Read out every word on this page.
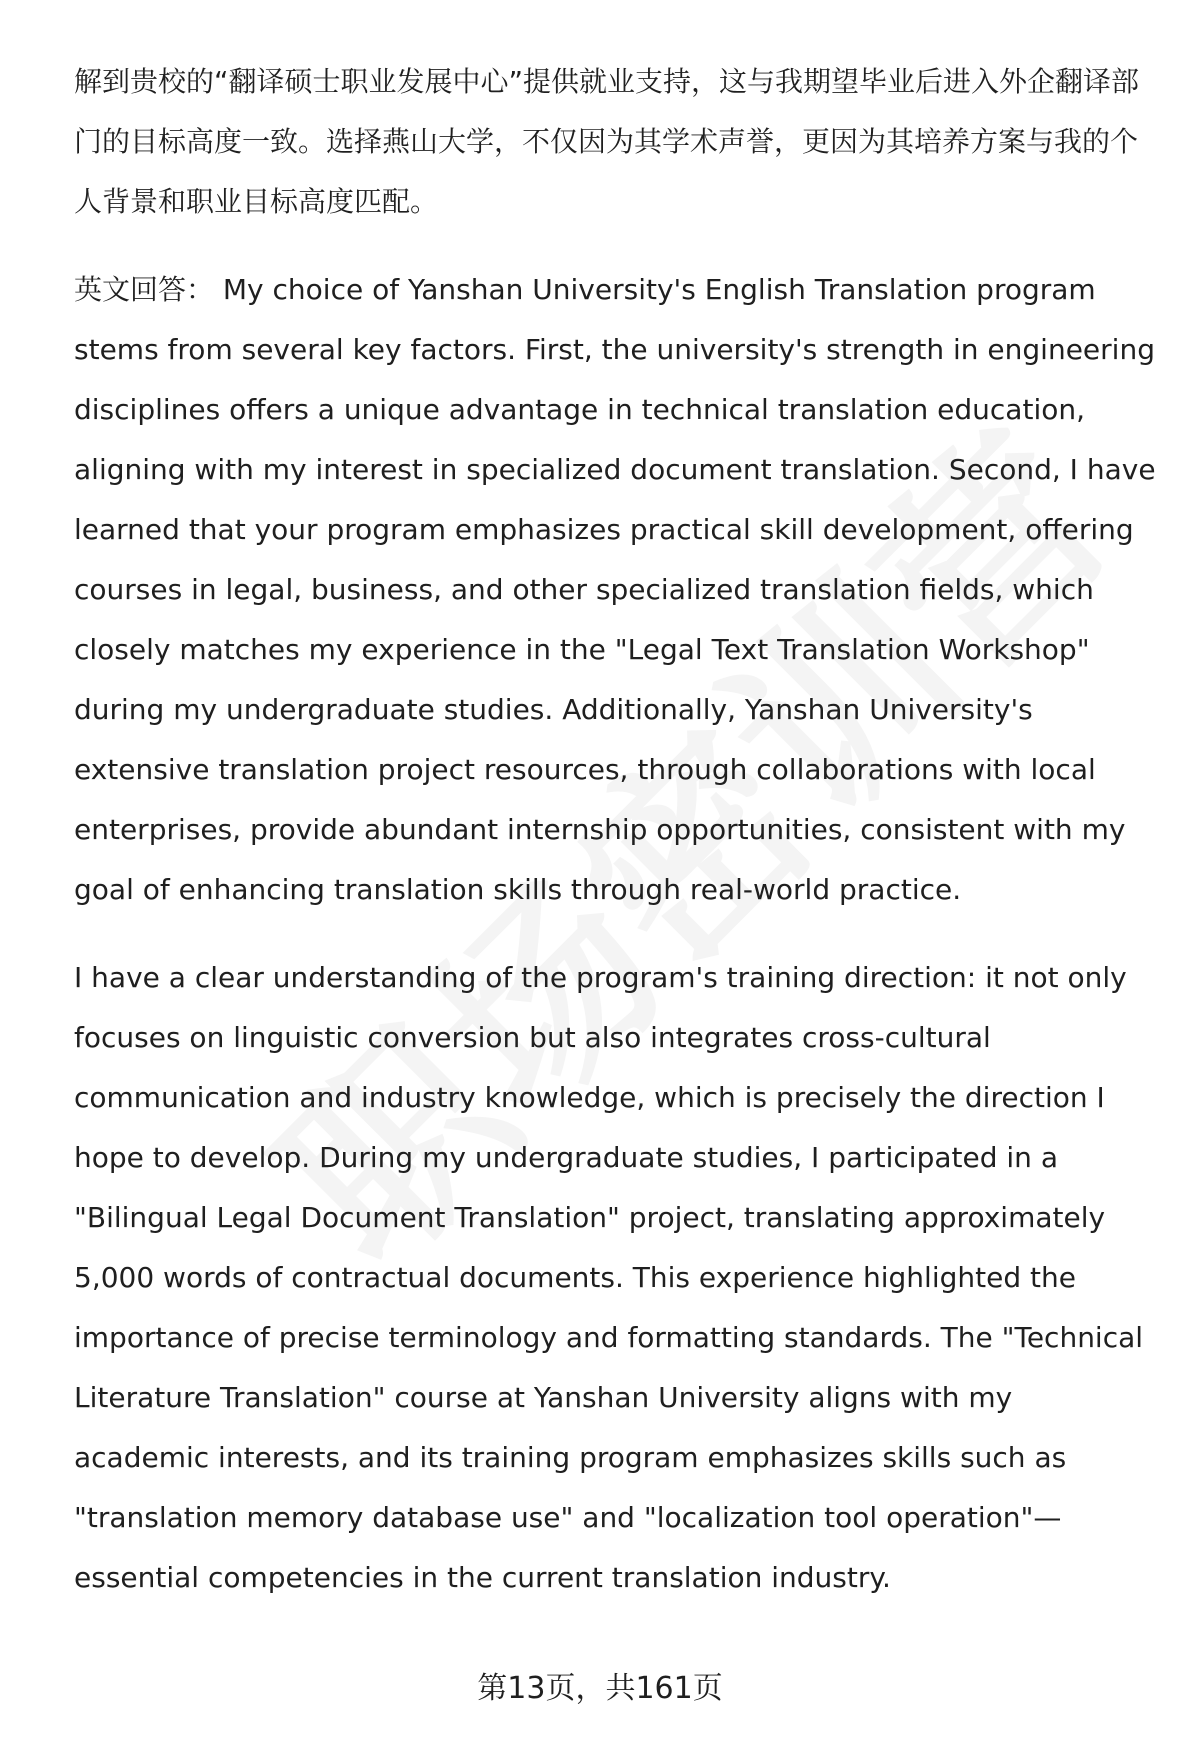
解到贵校的“翻译硕士职业发展中心”提供就业支持，这与我期望毕业后进入外企翻译部门的目标高度一致。选择燕山大学，不仅因为其学术声誉，更因为其培养方案与我的个人背景和职业目标高度匹配。

英文回答： My choice of Yanshan University's English Translation program stems from several key factors. First, the university's strength in engineering disciplines offers a unique advantage in technical translation education, aligning with my interest in specialized document translation. Second, I have learned that your program emphasizes practical skill development, offering courses in legal, business, and other specialized translation fields, which closely matches my experience in the "Legal Text Translation Workshop" during my undergraduate studies. Additionally, Yanshan University's extensive translation project resources, through collaborations with local enterprises, provide abundant internship opportunities, consistent with my goal of enhancing translation skills through real-world practice.

I have a clear understanding of the program's training direction: it not only focuses on linguistic conversion but also integrates cross-cultural communication and industry knowledge, which is precisely the direction I hope to develop. During my undergraduate studies, I participated in a "Bilingual Legal Document Translation" project, translating approximately 5,000 words of contractual documents. This experience highlighted the importance of precise terminology and formatting standards. The "Technical Literature Translation" course at Yanshan University aligns with my academic interests, and its training program emphasizes skills such as "translation memory database use" and "localization tool operation"—essential competencies in the current translation industry.

第13页，共161页
